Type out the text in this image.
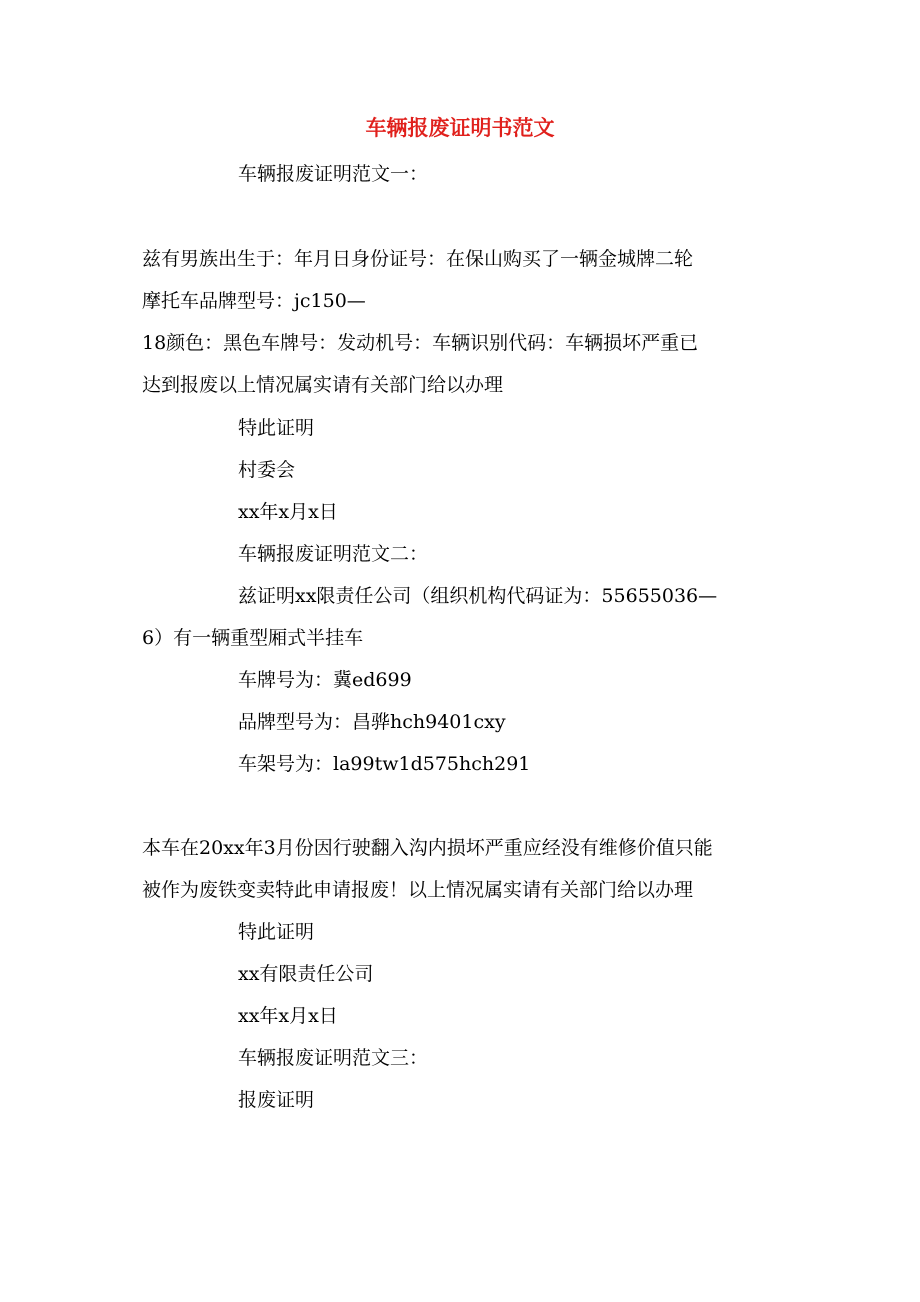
车辆报废证明书范文

车辆报废证明范文一：

兹有男族出生于：年月日身份证号：在保山购买了一辆金城牌二轮

摩托车品牌型号：jc150—

18颜色：黑色车牌号：发动机号：车辆识别代码：车辆损坏严重已

达到报废以上情况属实请有关部门给以办理

特此证明

村委会

xx年x月x日

车辆报废证明范文二：

兹证明xx限责任公司（组织机构代码证为：55655036—

6）有一辆重型厢式半挂车

车牌号为：冀ed699

品牌型号为：昌骅hch9401cxy

车架号为：la99tw1d575hch291

本车在20xx年3月份因行驶翻入沟内损坏严重应经没有维修价值只能

被作为废铁变卖特此申请报废！以上情况属实请有关部门给以办理

特此证明

xx有限责任公司

xx年x月x日

车辆报废证明范文三：

报废证明
